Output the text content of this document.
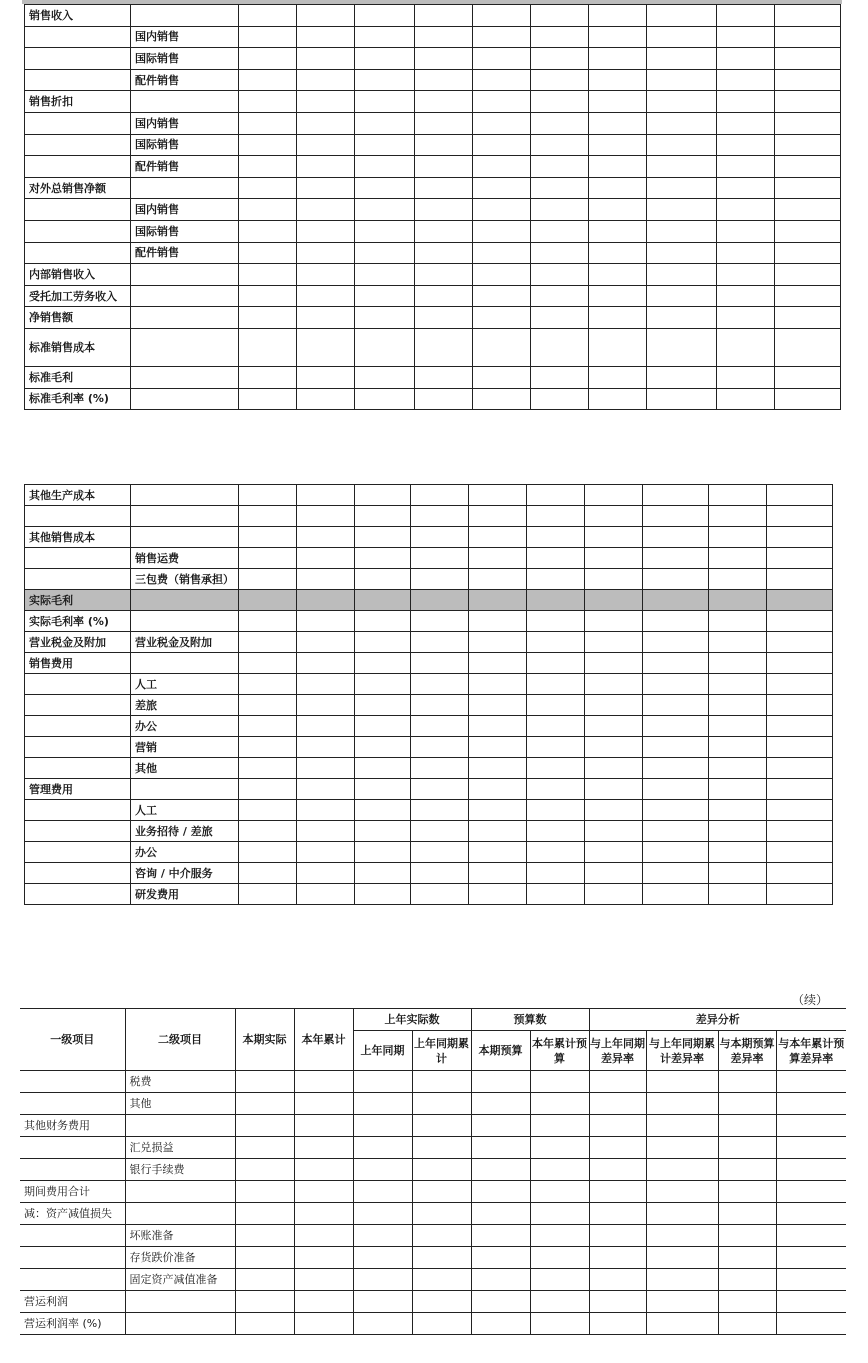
销售收入											
	国内销售										
	国际销售										
	配件销售										
销售折扣											
	国内销售										
	国际销售										
	配件销售										
对外总销售净额											
	国内销售										
	国际销售										
	配件销售										
内部销售收入											
受托加工劳务收入											
净销售额											
标准销售成本											
标准毛利											
标准毛利率 (%)											
其他生产成本											

其他销售成本											
	销售运费										
	三包费（销售承担）										
实际毛利											
实际毛利率 (%)											
营业税金及附加	营业税金及附加										
销售费用											
	人工										
	差旅										
	办公										
	营销										
	其他										
管理费用											
	人工										
	业务招待 / 差旅										
	办公										
	咨询 / 中介服务										
	研发费用										
（续）
一级项目	二级项目	本期实际	本年累计	上年实际数		预算数		差异分析			
				上年同期	上年同期累计	本期预算	本年累计预算	与上年同期差异率	与上年同期累计差异率	与本期预算差异率	与本年累计预算差异率
	税费										
	其他										
其他财务费用											
	汇兑损益										
	银行手续费										
期间费用合计											
减：资产减值损失											
	坏账准备										
	存货跌价准备										
	固定资产减值准备										
营运利润											
营运利润率 (%)											
